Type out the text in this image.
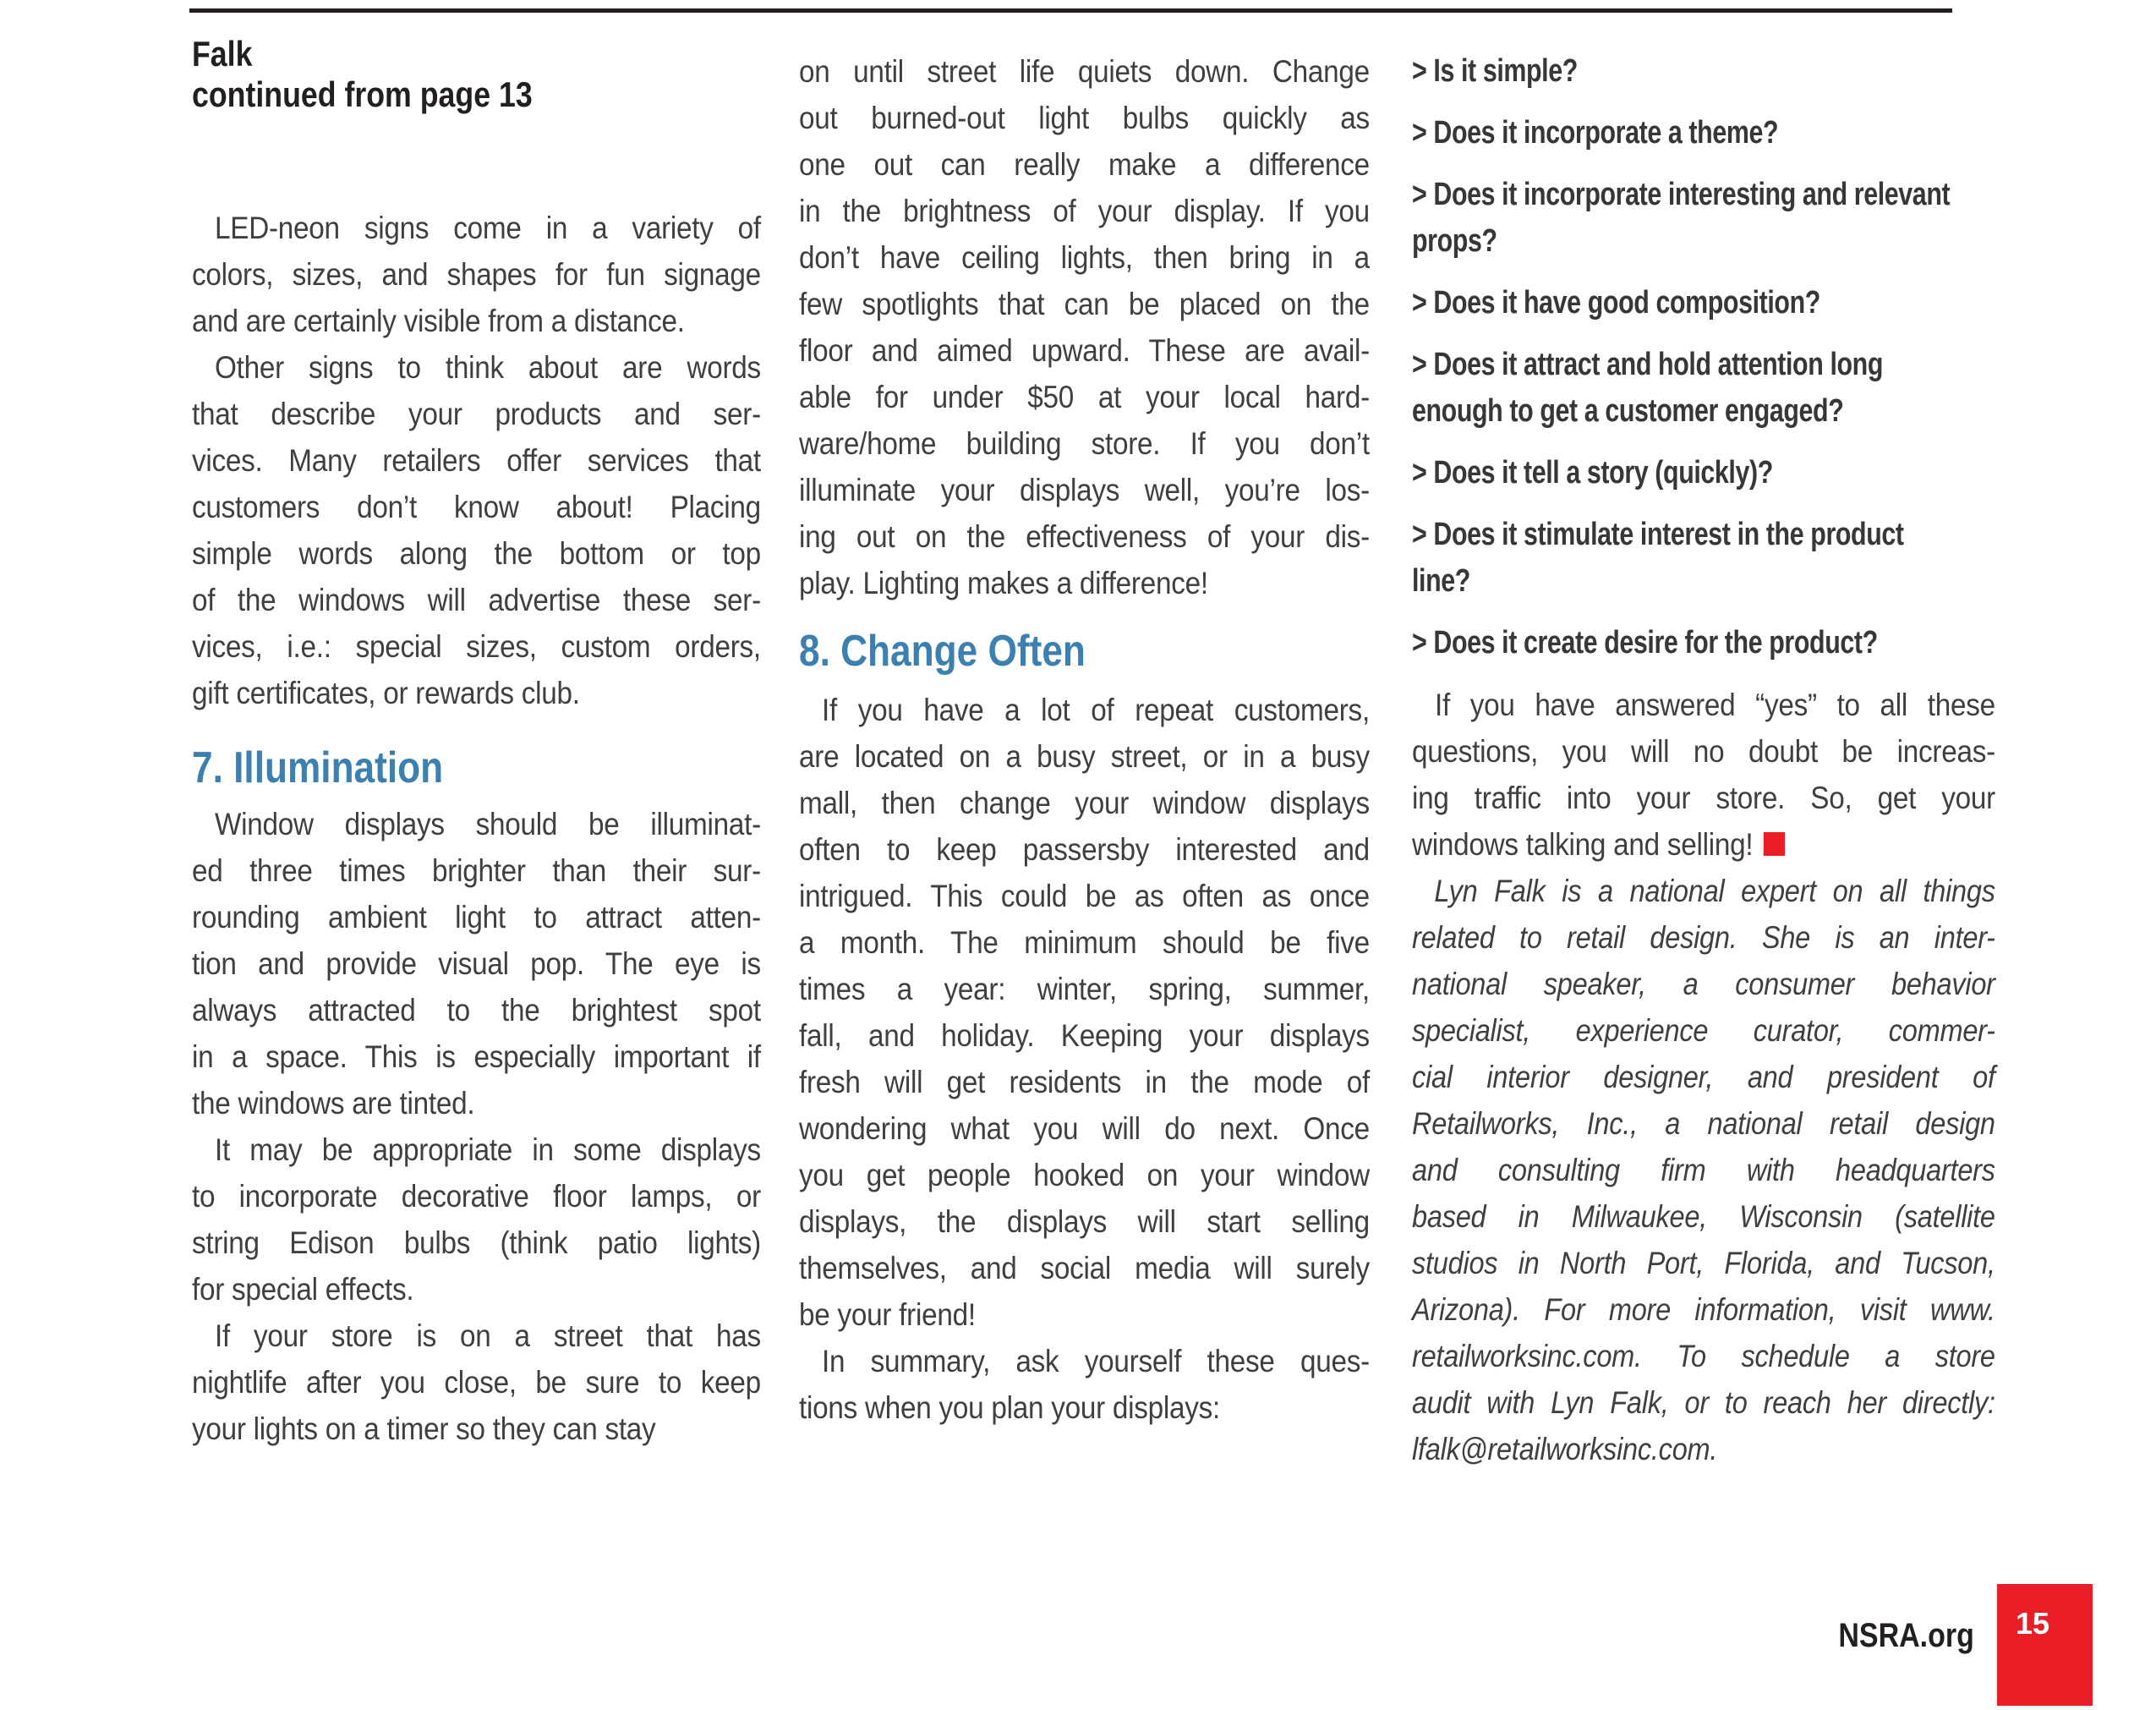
Falk
continued from page 13
LED-neon signs come in a variety of
colors, sizes, and shapes for fun signage
and are certainly visible from a distance.
Other signs to think about are words
that describe your products and ser-
vices. Many retailers offer services that
customers don’t know about! Placing
simple words along the bottom or top
of the windows will advertise these ser-
vices, i.e.: special sizes, custom orders,
gift certificates, or rewards club.
7. Illumination
Window displays should be illuminat-
ed three times brighter than their sur-
rounding ambient light to attract atten-
tion and provide visual pop. The eye is
always attracted to the brightest spot
in a space. This is especially important if
the windows are tinted.
It may be appropriate in some displays
to incorporate decorative floor lamps, or
string Edison bulbs (think patio lights)
for special effects.
If your store is on a street that has
nightlife after you close, be sure to keep
your lights on a timer so they can stay
on until street life quiets down. Change
out burned-out light bulbs quickly as
one out can really make a difference
in the brightness of your display. If you
don’t have ceiling lights, then bring in a
few spotlights that can be placed on the
floor and aimed upward. These are avail-
able for under $50 at your local hard-
ware/home building store. If you don’t
illuminate your displays well, you’re los-
ing out on the effectiveness of your dis-
play. Lighting makes a difference!
8. Change Often
If you have a lot of repeat customers,
are located on a busy street, or in a busy
mall, then change your window displays
often to keep passersby interested and
intrigued. This could be as often as once
a month. The minimum should be five
times a year: winter, spring, summer,
fall, and holiday. Keeping your displays
fresh will get residents in the mode of
wondering what you will do next. Once
you get people hooked on your window
displays, the displays will start selling
themselves, and social media will surely
be your friend!
In summary, ask yourself these ques-
tions when you plan your displays:
> Is it simple?
> Does it incorporate a theme?
> Does it incorporate interesting and relevant
props?
> Does it have good composition?
> Does it attract and hold attention long
enough to get a customer engaged?
> Does it tell a story (quickly)?
> Does it stimulate interest in the product
line?
> Does it create desire for the product?
If you have answered “yes” to all these
questions, you will no doubt be increas-
ing traffic into your store. So, get your
windows talking and selling!
Lyn Falk is a national expert on all things
related to retail design. She is an inter-
national speaker, a consumer behavior
specialist, experience curator, commer-
cial interior designer, and president of
Retailworks, Inc., a national retail design
and consulting firm with headquarters
based in Milwaukee, Wisconsin (satellite
studios in North Port, Florida, and Tucson,
Arizona). For more information, visit www.
retailworksinc.com. To schedule a store
audit with Lyn Falk, or to reach her directly:
lfalk@retailworksinc.com.
NSRA.org 15
